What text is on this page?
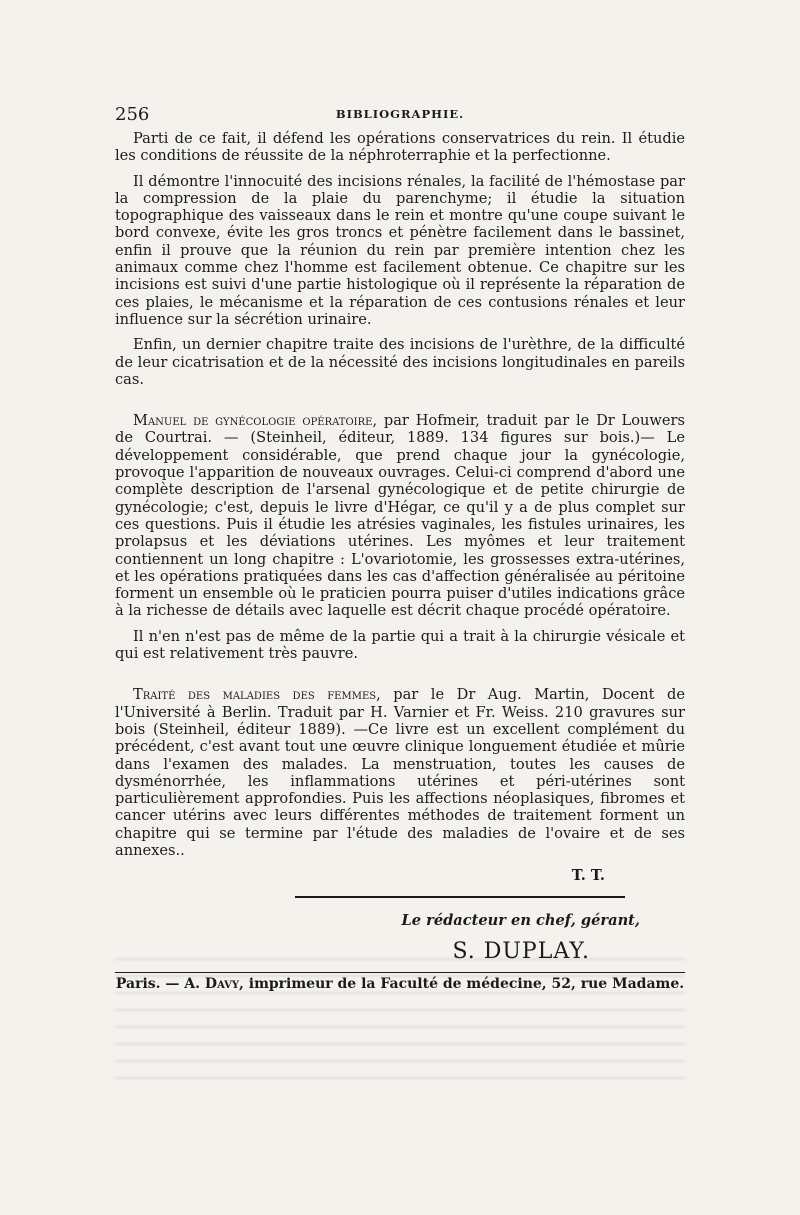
256	BIBLIOGRAPHIE.

Parti de ce fait, il défend les opérations conservatrices du rein. Il étudie les conditions de réussite de la néphroterraphie et la perfectionne.

Il démontre l'innocuité des incisions rénales, la facilité de l'hémostase par la compression de la plaie du parenchyme; il étudie la situation topographique des vaisseaux dans le rein et montre qu'une coupe suivant le bord convexe, évite les gros troncs et pénètre facilement dans le bassinet, enfin il prouve que la réunion du rein par première intention chez les animaux comme chez l'homme est facilement obtenue. Ce chapitre sur les incisions est suivi d'une partie histologique où il représente la réparation de ces plaies, le mécanisme et la réparation de ces contusions rénales et leur influence sur la sécrétion urinaire.

Enfin, un dernier chapitre traite des incisions de l'urèthre, de la difficulté de leur cicatrisation et de la nécessité des incisions longitudinales en pareils cas.

Manuel de gynécologie opératoire, par Hofmeir, traduit par le Dr Louwers de Courtrai. — (Steinheil, éditeur, 1889. 134 figures sur bois.)— Le développement considérable, que prend chaque jour la gynécologie, provoque l'apparition de nouveaux ouvrages. Celui-ci comprend d'abord une complète description de l'arsenal gynécologique et de petite chirurgie de gynécologie; c'est, depuis le livre d'Hégar, ce qu'il y a de plus complet sur ces questions. Puis il étudie les atrésies vaginales, les fistules urinaires, les prolapsus et les déviations utérines. Les myômes et leur traitement contiennent un long chapitre : L'ovariotomie, les grossesses extra-utérines, et les opérations pratiquées dans les cas d'affection généralisée au péritoine forment un ensemble où le praticien pourra puiser d'utiles indications grâce à la richesse de détails avec laquelle est décrit chaque procédé opératoire.

Il n'en n'est pas de même de la partie qui a trait à la chirurgie vésicale et qui est relativement très pauvre.

Traité des maladies des femmes, par le Dr Aug. Martin, Docent de l'Université à Berlin. Traduit par H. Varnier et Fr. Weiss. 210 gravures sur bois (Steinheil, éditeur 1889). —Ce livre est un excellent complément du précédent, c'est avant tout une œuvre clinique longuement étudiée et mûrie dans l'examen des malades. La menstruation, toutes les causes de dysménorrhée, les inflammations utérines et péri-utérines sont particulièrement approfondies. Puis les affections néoplasiques, fibromes et cancer utérins avec leurs différentes méthodes de traitement forment un chapitre qui se termine par l'étude des maladies de l'ovaire et de ses annexes..

T. T.
Le rédacteur en chef, gérant,
S. DUPLAY.
Paris. — A. Davy, imprimeur de la Faculté de médecine, 52, rue Madame.
